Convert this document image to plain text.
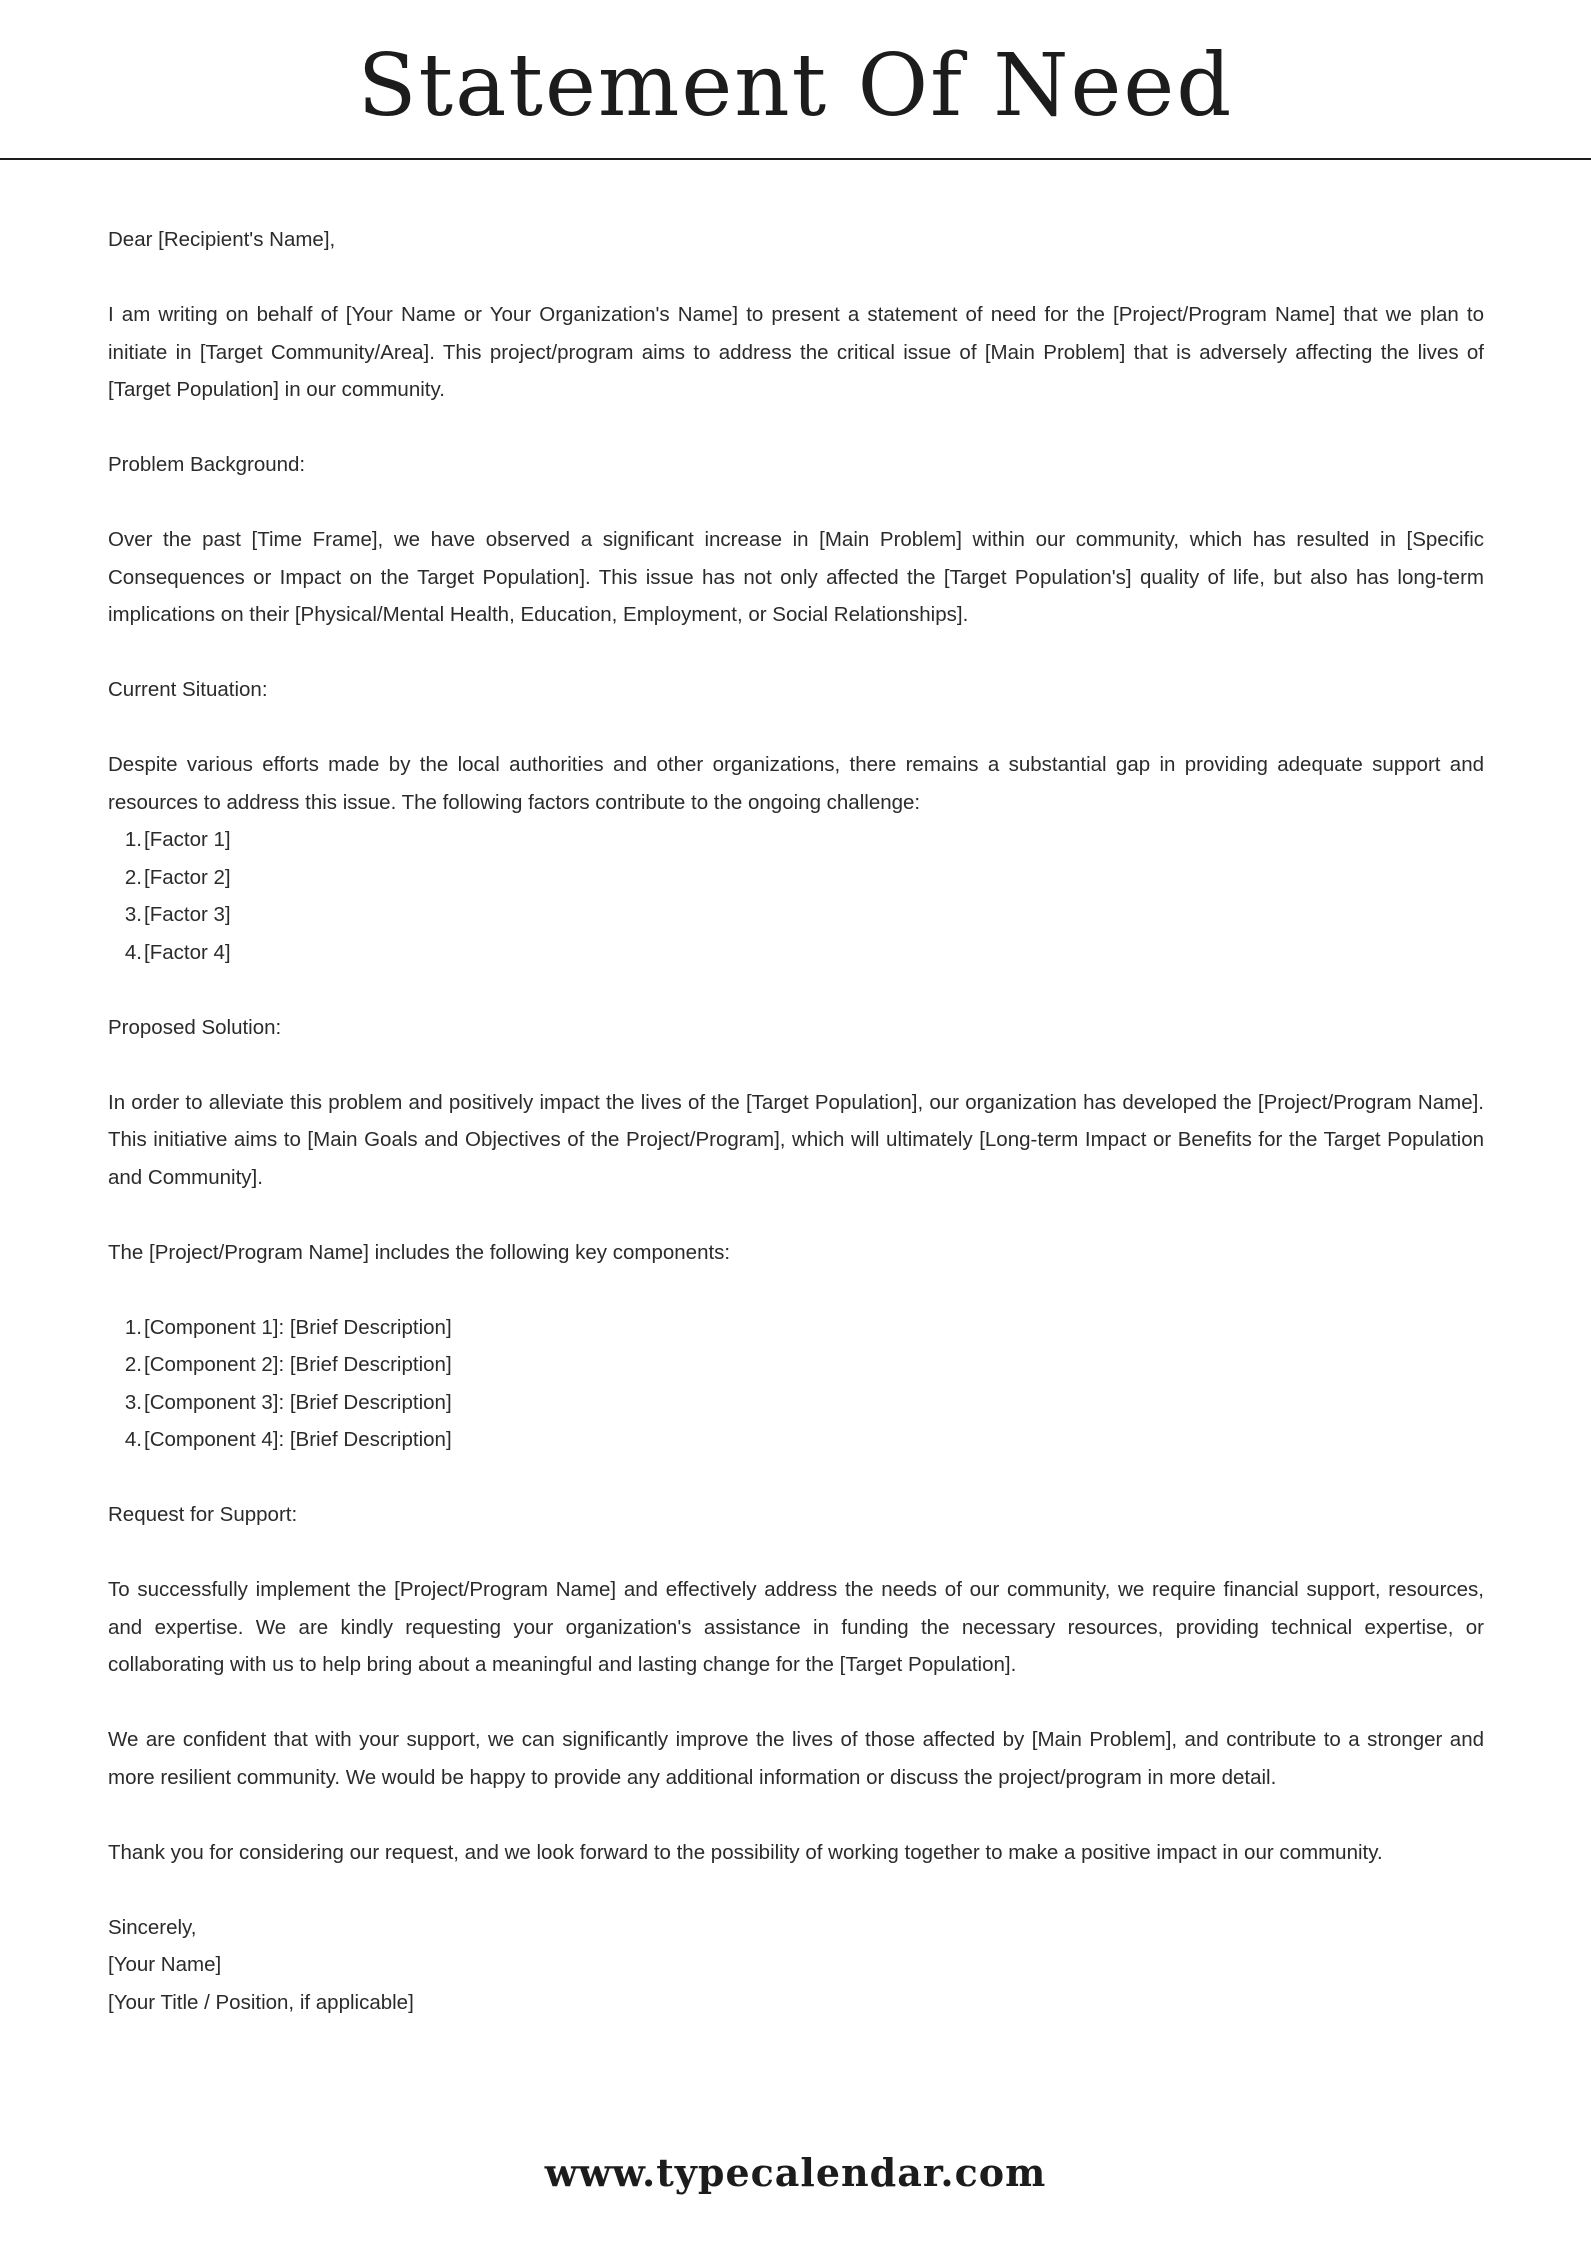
Statement Of Need

Dear [Recipient's Name],

I am writing on behalf of [Your Name or Your Organization's Name] to present a statement of need for the [Project/Program Name] that we plan to initiate in [Target Community/Area]. This project/program aims to address the critical issue of [Main Problem] that is adversely affecting the lives of [Target Population] in our community.

Problem Background:

Over the past [Time Frame], we have observed a significant increase in [Main Problem] within our community, which has resulted in [Specific Consequences or Impact on the Target Population]. This issue has not only affected the [Target Population's] quality of life, but also has long-term implications on their [Physical/Mental Health, Education, Employment, or Social Relationships].

Current Situation:

Despite various efforts made by the local authorities and other organizations, there remains a substantial gap in providing adequate support and resources to address this issue. The following factors contribute to the ongoing challenge:

1. [Factor 1]
2. [Factor 2]
3. [Factor 3]
4. [Factor 4]

Proposed Solution:

In order to alleviate this problem and positively impact the lives of the [Target Population], our organization has developed the [Project/Program Name]. This initiative aims to [Main Goals and Objectives of the Project/Program], which will ultimately [Long-term Impact or Benefits for the Target Population and Community].

The [Project/Program Name] includes the following key components:

1. [Component 1]: [Brief Description]
2. [Component 2]: [Brief Description]
3. [Component 3]: [Brief Description]
4. [Component 4]: [Brief Description]

Request for Support:

To successfully implement the [Project/Program Name] and effectively address the needs of our community, we require financial support, resources, and expertise. We are kindly requesting your organization's assistance in funding the necessary resources, providing technical expertise, or collaborating with us to help bring about a meaningful and lasting change for the [Target Population].

We are confident that with your support, we can significantly improve the lives of those affected by [Main Problem], and contribute to a stronger and more resilient community. We would be happy to provide any additional information or discuss the project/program in more detail.

Thank you for considering our request, and we look forward to the possibility of working together to make a positive impact in our community.

Sincerely,

[Your Name]

[Your Title / Position, if applicable]

www.typecalendar.com
